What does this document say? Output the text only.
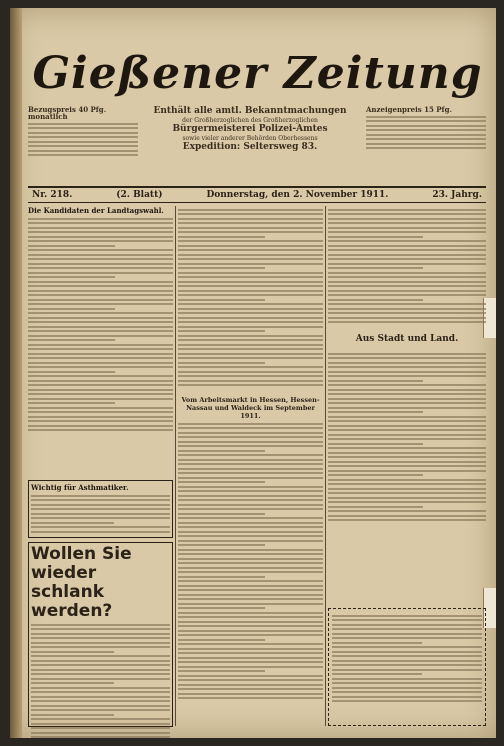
Gießener Zeitung
Bezugspreis 40 Pfg. monatlich
Enthält alle amtl. Bekanntmachungen
der Großherzoglichen des Großherzoglichen
Bürgermeisterei Polizei-Amtes
sowie vieler anderer Behörden Oberhessens
Expedition: Seltersweg 83.
Anzeigenpreis 15 Pfg.
Nr. 218.	(2. Blatt)	Donnerstag, den 2. November 1911.	23. Jahrg.
Die Kandidaten der Landtagswahl.
Vom Arbeitsmarkt in Hessen, Hessen-Nassau und Waldeck im September 1911.
Aus Stadt und Land.
Wichtig für Asthmatiker.
Wollen Sie wieder schlank werden?
